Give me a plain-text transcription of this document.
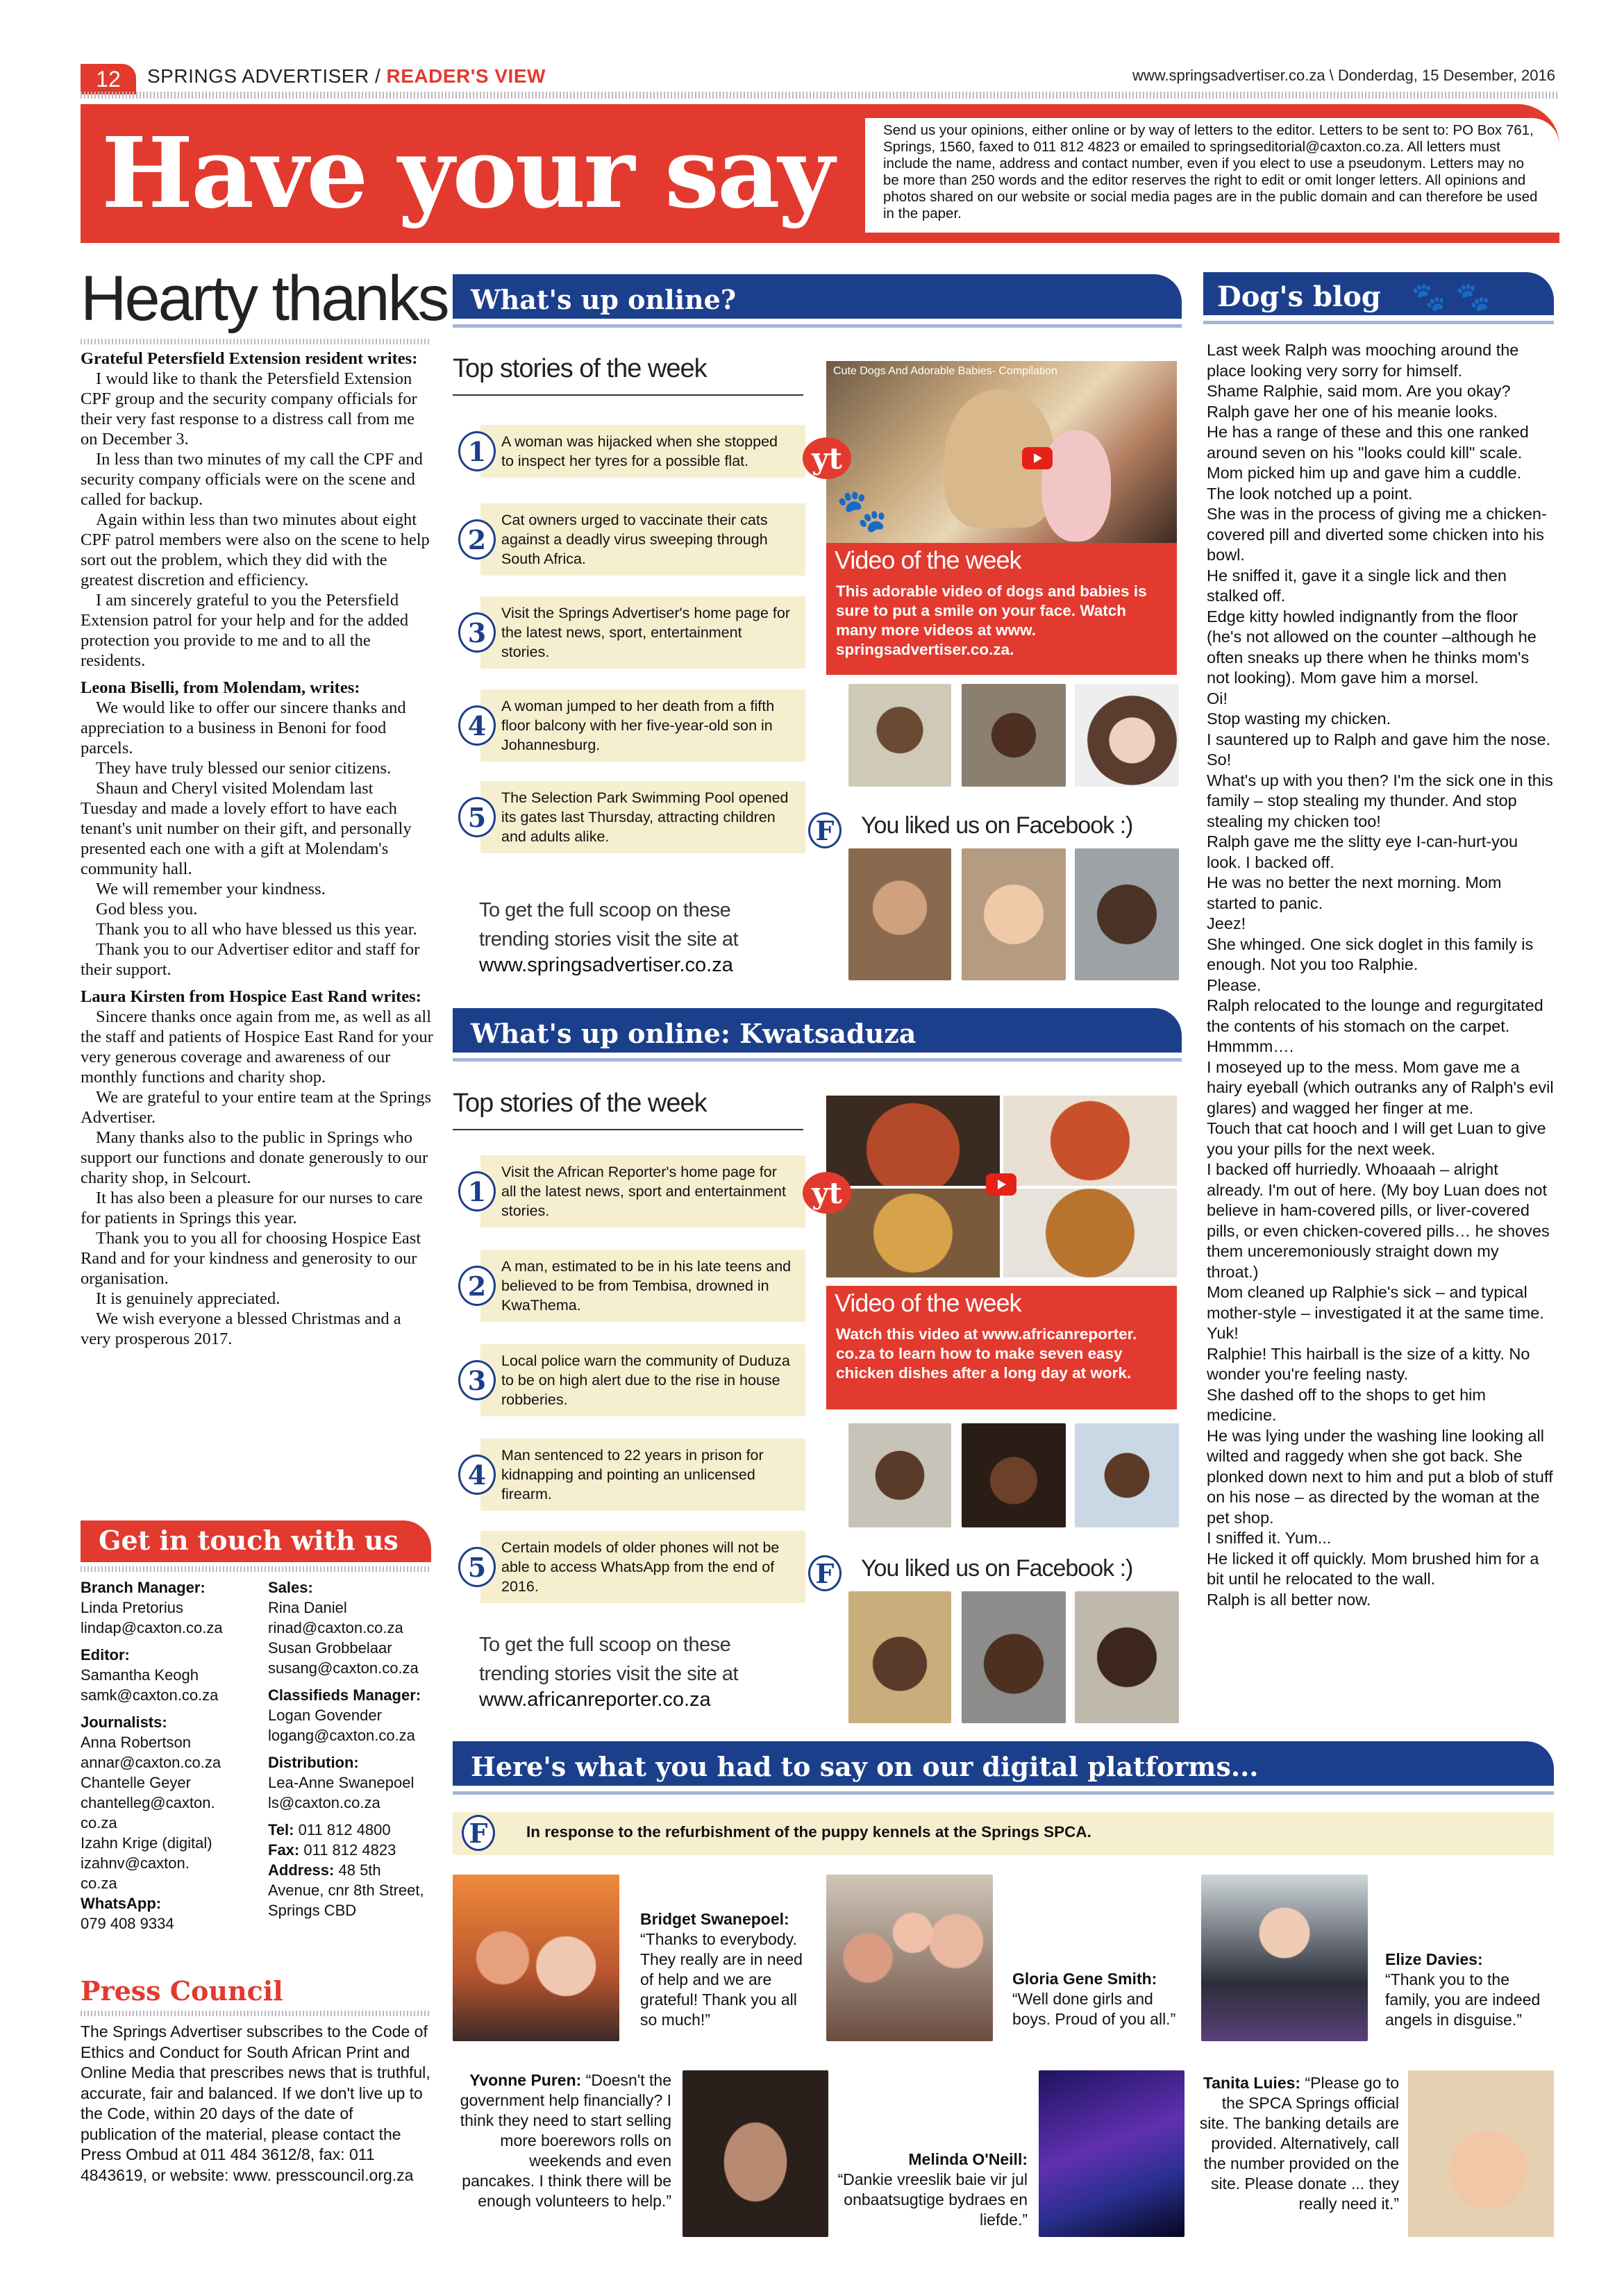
12	SPRINGS ADVERTISER / READER'S VIEW	www.springsadvertiser.co.za \ Donderdag, 15 Desember, 2016
Have your say	Send us your opinions, either online or by way of letters to the editor. Letters to be sent to: PO Box 761, Springs, 1560, faxed to 011 812 4823 or emailed to springseditorial@caxton.co.za. All letters must include the name, address and contact number, even if you elect to use a pseudonym. Letters may no be more than 250 words and the editor reserves the right to edit or omit longer letters. All opinions and photos shared on our website or social media pages are in the public domain and can therefore be used in the paper.
Hearty thanks

Grateful Petersfield Extension resident writes:

I would like to thank the Petersfield Extension CPF group and the security company officials for their very fast response to a distress call from me on December 3.

In less than two minutes of my call the CPF and security company officials were on the scene and called for backup.

Again within less than two minutes about eight CPF patrol members were also on the scene to help sort out the problem, which they did with the greatest discretion and efficiency.

I am sincerely grateful to you the Petersfield Extension patrol for your help and for the added protection you provide to me and to all the residents.

Leona Biselli, from Molendam, writes:

We would like to offer our sincere thanks and appreciation to a business in Benoni for food parcels.

They have truly blessed our senior citizens.

Shaun and Cheryl visited Molendam last Tuesday and made a lovely effort to have each tenant's unit number on their gift, and personally presented each one with a gift at Molendam's community hall.

We will remember your kindness.

God bless you.

Thank you to all who have blessed us this year.

Thank you to our Advertiser editor and staff for their support.

Laura Kirsten from Hospice East Rand writes:

Sincere thanks once again from me, as well as all the staff and patients of Hospice East Rand for your very generous coverage and awareness of our monthly functions and charity shop.

We are grateful to your entire team at the Springs Advertiser.

Many thanks also to the public in Springs who support our functions and donate generously to our charity shop, in Selcourt.

It has also been a pleasure for our nurses to care for patients in Springs this year.

Thank you to you all for choosing Hospice East Rand and for your kindness and generosity to our organisation.

It is genuinely appreciated.

We wish everyone a blessed Christmas and a very prosperous 2017.

Get in touch with us
Branch Manager:
Linda Pretorius
lindap@caxton.co.za
Editor:
Samantha Keogh
samk@caxton.co.za
Journalists:
Anna Robertson
annar@caxton.co.za
Chantelle Geyer
chantelleg@caxton.
co.za
Izahn Krige (digital)
izahnv@caxton.
co.za
WhatsApp:
079 408 9334
Sales:
Rina Daniel
rinad@caxton.co.za
Susan Grobbelaar
susang@caxton.co.za
Classifieds Manager:
Logan Govender
logang@caxton.co.za
Distribution:
Lea-Anne Swanepoel
ls@caxton.co.za
Tel: 011 812 4800
Fax: 011 812 4823
Address: 48 5th Avenue, cnr 8th Street, Springs CBD
Press Council
The Springs Advertiser subscribes to the Code of Ethics and Conduct for South African Print and Online Media that prescribes news that is truthful, accurate, fair and balanced. If we don't live up to the Code, within 20 days of the date of publication of the material, please contact the Press Ombud at 011 484 3612/8, fax: 011 4843619, or website: www. presscouncil.org.za
What's up online?
Top stories of the week
1	A woman was hijacked when she stopped to inspect her tyres for a possible flat.
2
Cat owners urged to vaccinate their cats against a deadly virus sweeping through South Africa.
3
Visit the Springs Advertiser's home page for the latest news, sport, entertainment stories.
4
A woman jumped to her death from a fifth floor balcony with her five-year-old son in Johannesburg.
5
The Selection Park Swimming Pool opened its gates last Thursday, attracting children and adults alike.
To get the full scoop on these trending stories visit the site at
www.springsadvertiser.co.za
Cute Dogs And Adorable Babies- Compilation
🐾
yt
Video of the week
This adorable video of dogs and babies is sure to put a smile on your face. Watch many more videos at www. springsadvertiser.co.za.
F	You liked us on Facebook :)
What's up online: Kwatsaduza
Top stories of the week
1
Visit the African Reporter's home page for all the latest news, sport and entertainment stories.
2
A man, estimated to be in his late teens and believed to be from Tembisa, drowned in KwaThema.
3
Local police warn the community of Duduza to be on high alert due to the rise in house robberies.
4
Man sentenced to 22 years in prison for kidnapping and pointing an unlicensed firearm.
5
Certain models of older phones will not be able to access WhatsApp from the end of 2016.
To get the full scoop on these trending stories visit the site at
www.africanreporter.co.za
yt
Video of the week
Watch this video at www.africanreporter. co.za to learn how to make seven easy chicken dishes after a long day at work.
F	You liked us on Facebook :)
Dog's blog 🐾 🐾

Last week Ralph was mooching around the place looking very sorry for himself.

Shame Ralphie, said mom. Are you okay?

Ralph gave her one of his meanie looks.

He has a range of these and this one ranked around seven on his "looks could kill" scale. Mom picked him up and gave him a cuddle.

The look notched up a point.

She was in the process of giving me a chicken-covered pill and diverted some chicken into his bowl.

He sniffed it, gave it a single lick and then stalked off.

Edge kitty howled indignantly from the floor (he's not allowed on the counter –although he often sneaks up there when he thinks mom's not looking). Mom gave him a morsel.

Oi!

Stop wasting my chicken.

I sauntered up to Ralph and gave him the nose.

So!

What's up with you then? I'm the sick one in this family – stop stealing my thunder. And stop stealing my chicken too!

Ralph gave me the slitty eye I-can-hurt-you look. I backed off.

He was no better the next morning. Mom started to panic.

Jeez!

She whinged. One sick doglet in this family is enough. Not you too Ralphie.

Please.

Ralph relocated to the lounge and regurgitated the contents of his stomach on the carpet.

Hmmmm….

I moseyed up to the mess. Mom gave me a hairy eyeball (which outranks any of Ralph's evil glares) and wagged her finger at me.

Touch that cat hooch and I will get Luan to give you your pills for the next week.

I backed off hurriedly. Whoaaah – alright already. I'm out of here. (My boy Luan does not believe in ham-covered pills, or liver-covered pills, or even chicken-covered pills… he shoves them unceremoniously straight down my throat.)

Mom cleaned up Ralphie's sick – and typical mother-style – investigated it at the same time.

Yuk!

Ralphie! This hairball is the size of a kitty. No wonder you're feeling nasty.

She dashed off to the shops to get him medicine.

He was lying under the washing line looking all wilted and raggedy when she got back. She plonked down next to him and put a blob of stuff on his nose – as directed by the woman at the pet shop.

I sniffed it. Yum...

He licked it off quickly. Mom brushed him for a bit until he relocated to the wall.

Ralph is all better now.

Here's what you had to say on our digital platforms...
F	In response to the refurbishment of the puppy kennels at the Springs SPCA.
Bridget Swanepoel:
“Thanks to everybody. They really are in need of help and we are grateful! Thank you all so much!”
Gloria Gene Smith:
“Well done girls and boys. Proud of you all.”
Elize Davies:
“Thank you to the family, you are indeed angels in disguise.”
Yvonne Puren: “Doesn't the government help financially? I think they need to start selling more boerewors rolls on weekends and even pancakes. I think there will be enough volunteers to help.”
Melinda O'Neill:
“Dankie vreeslik baie vir jul onbaatsugtige bydraes en liefde.”
Tanita Luies: “Please go to the SPCA Springs official site. The banking details are provided. Alternatively, call the number provided on the site. Please donate ... they really need it.”
